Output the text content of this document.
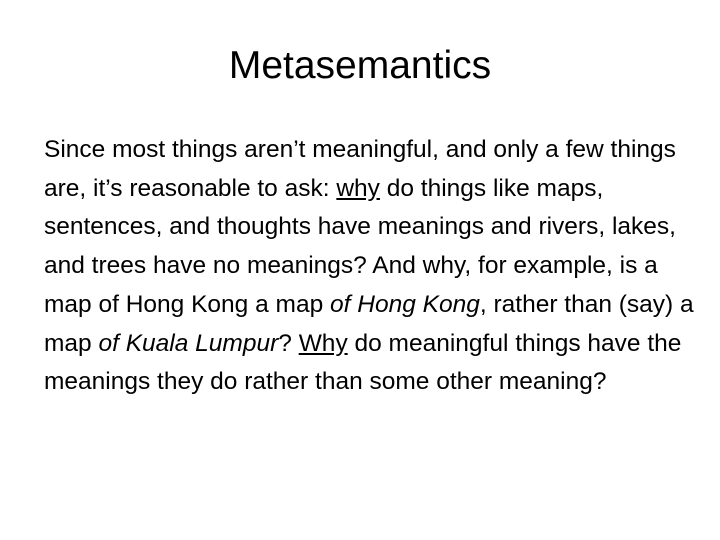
Metasemantics

Since most things aren’t meaningful, and only a few things are, it’s reasonable to ask: why do things like maps, sentences, and thoughts have meanings and rivers, lakes, and trees have no meanings? And why, for example, is a map of Hong Kong a map of Hong Kong, rather than (say) a map of Kuala Lumpur? Why do meaningful things have the meanings they do rather than some other meaning?
